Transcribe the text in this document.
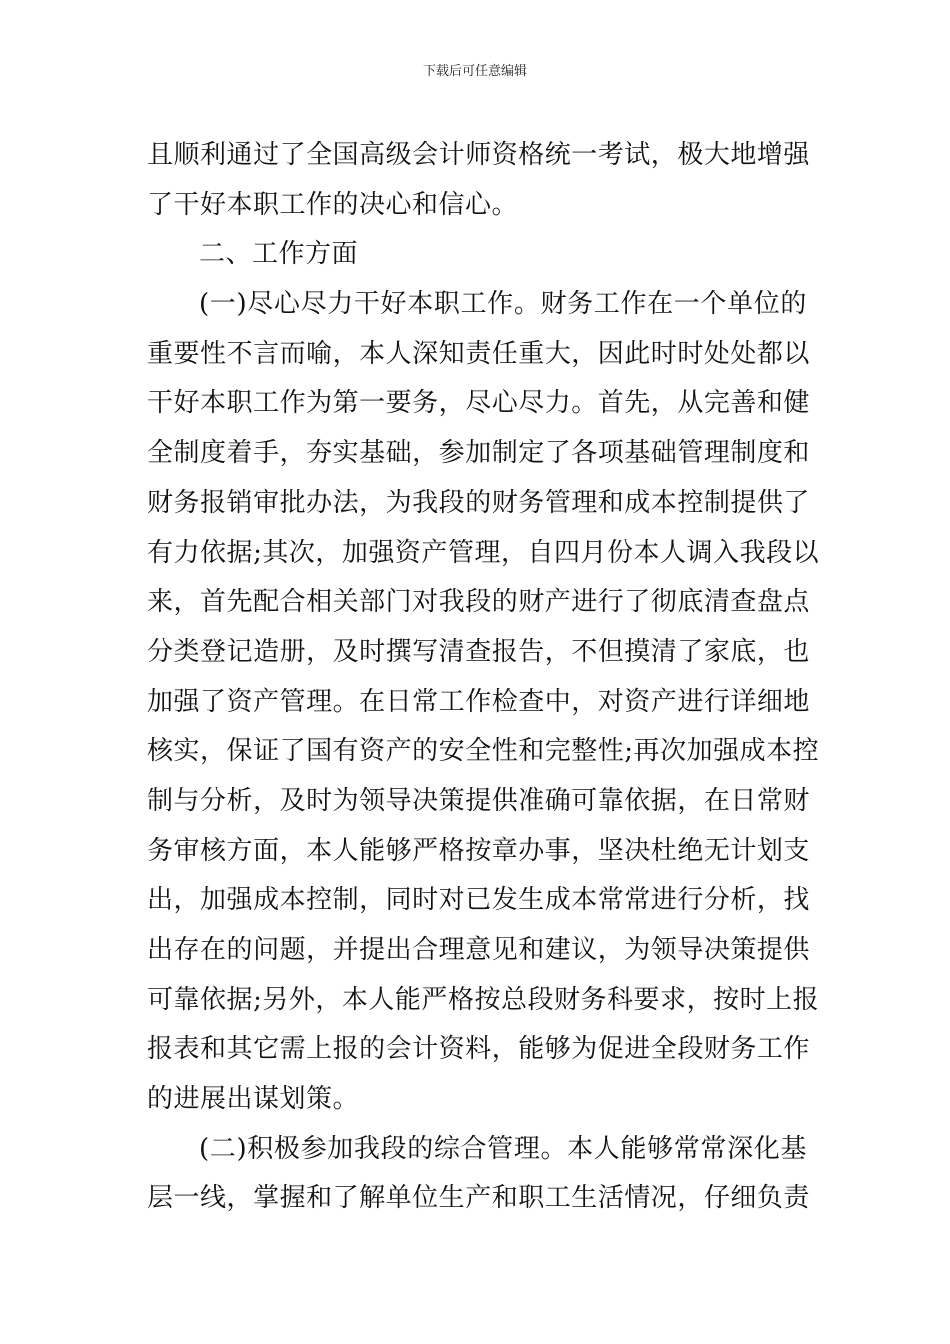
下载后可任意编辑
且 顺 利 通 过 了 全 国 高 级 会 计 师 资 格 统 一 考 试 ， 极 大 地 增 强
了干好本职工作的决心和信心。
二、工作方面
( 一 ) 尽 心 尽 力 干 好 本 职 工 作 。 财 务 工 作 在 一 个 单 位 的
重 要 性 不 言 而 喻 ， 本 人 深 知 责 任 重 大 ， 因 此 时 时 处 处 都 以
干 好 本 职 工 作 为 第 一 要 务 ， 尽 心 尽 力 。 首 先 ， 从 完 善 和 健
全 制 度 着 手 ， 夯 实 基 础 ， 参 加 制 定 了 各 项 基 础 管 理 制 度 和
财 务 报 销 审 批 办 法 ， 为 我 段 的 财 务 管 理 和 成 本 控 制 提 供 了
有 力 依 据 ; 其 次 ， 加 强 资 产 管 理 ， 自 四 月 份 本 人 调 入 我 段 以
来 ， 首 先 配 合 相 关 部 门 对 我 段 的 财 产 进 行 了 彻 底 清 查 盘 点
分 类 登 记 造 册 ， 及 时 撰 写 清 查 报 告 ， 不 但 摸 清 了 家 底 ， 也
加 强 了 资 产 管 理 。 在 日 常 工 作 检 查 中 ， 对 资 产 进 行 详 细 地
核 实 ， 保 证 了 国 有 资 产 的 安 全 性 和 完 整 性 ; 再 次 加 强 成 本 控
制 与 分 析 ， 及 时 为 领 导 决 策 提 供 准 确 可 靠 依 据 ， 在 日 常 财
务 审 核 方 面 ， 本 人 能 够 严 格 按 章 办 事 ， 坚 决 杜 绝 无 计 划 支
出 ， 加 强 成 本 控 制 ， 同 时 对 已 发 生 成 本 常 常 进 行 分 析 ， 找
出 存 在 的 问 题 ， 并 提 出 合 理 意 见 和 建 议 ， 为 领 导 决 策 提 供
可 靠 依 据 ; 另 外 ， 本 人 能 严 格 按 总 段 财 务 科 要 求 ， 按 时 上 报
报 表 和 其 它 需 上 报 的 会 计 资 料 ， 能 够 为 促 进 全 段 财 务 工 作
的进展出谋划策。
( 二 ) 积 极 参 加 我 段 的 综 合 管 理 。 本 人 能 够 常 常 深 化 基
层 一 线 ， 掌 握 和 了 解 单 位 生 产 和 职 工 生 活 情 况 ， 仔 细 负 责
